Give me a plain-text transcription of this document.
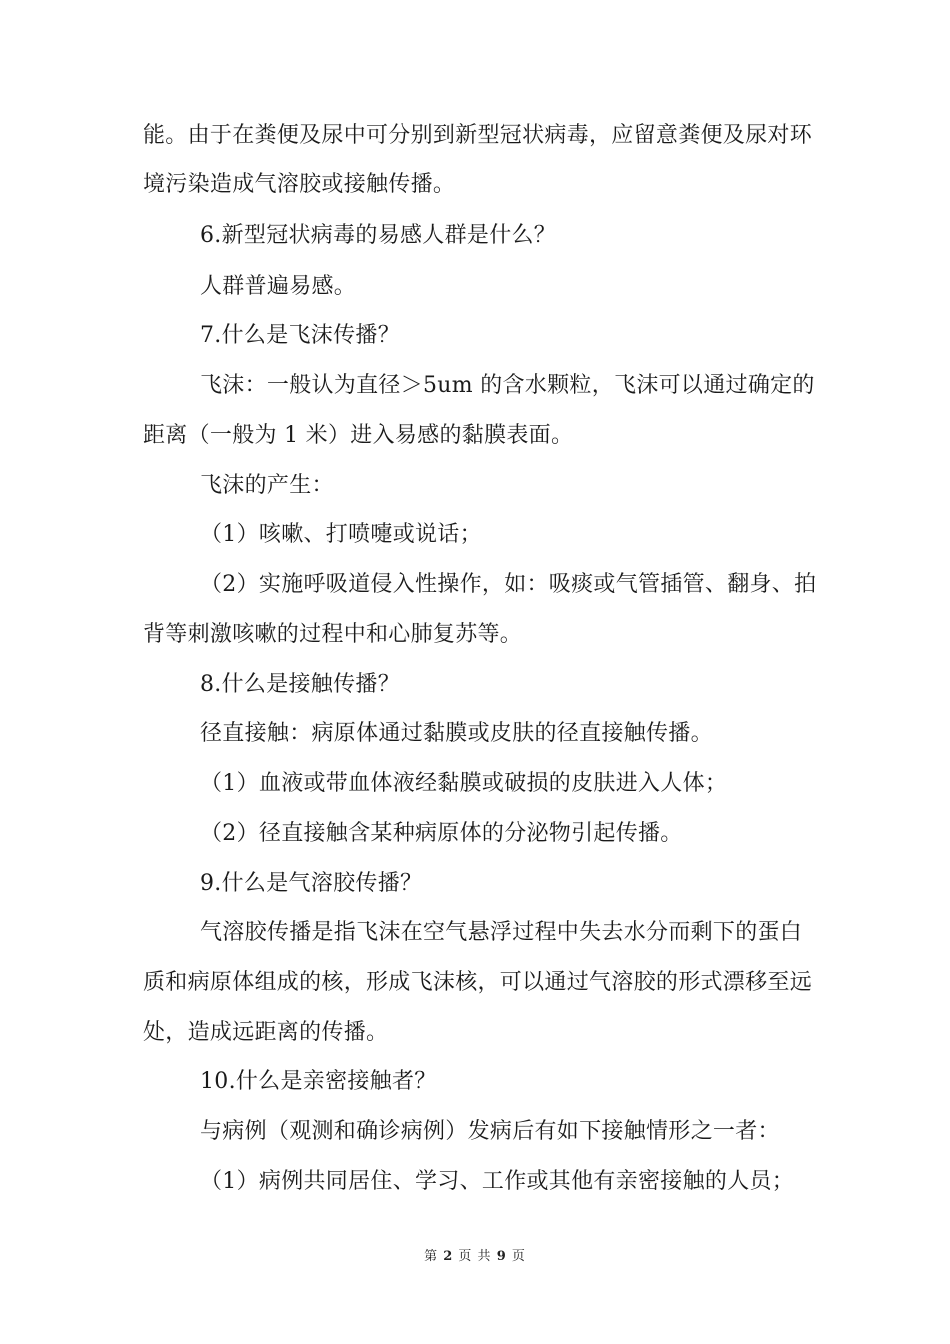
能。由于在粪便及尿中可分别到新型冠状病毒，应留意粪便及尿对环
境污染造成气溶胶或接触传播。
6.新型冠状病毒的易感人群是什么？
人群普遍易感。
7.什么是飞沫传播？
飞沫：一般认为直径＞5um 的含水颗粒，飞沫可以通过确定的
距离（一般为 1 米）进入易感的黏膜表面。
飞沫的产生：
（1）咳嗽、打喷嚏或说话；
（2）实施呼吸道侵入性操作，如：吸痰或气管插管、翻身、拍
背等刺激咳嗽的过程中和心肺复苏等。
8.什么是接触传播？
径直接触：病原体通过黏膜或皮肤的径直接触传播。
（1）血液或带血体液经黏膜或破损的皮肤进入人体；
（2）径直接触含某种病原体的分泌物引起传播。
9.什么是气溶胶传播？
气溶胶传播是指飞沫在空气悬浮过程中失去水分而剩下的蛋白
质和病原体组成的核，形成飞沫核，可以通过气溶胶的形式漂移至远
处，造成远距离的传播。
10.什么是亲密接触者？
与病例（观测和确诊病例）发病后有如下接触情形之一者：
（1）病例共同居住、学习、工作或其他有亲密接触的人员；
第 2 页 共 9 页
